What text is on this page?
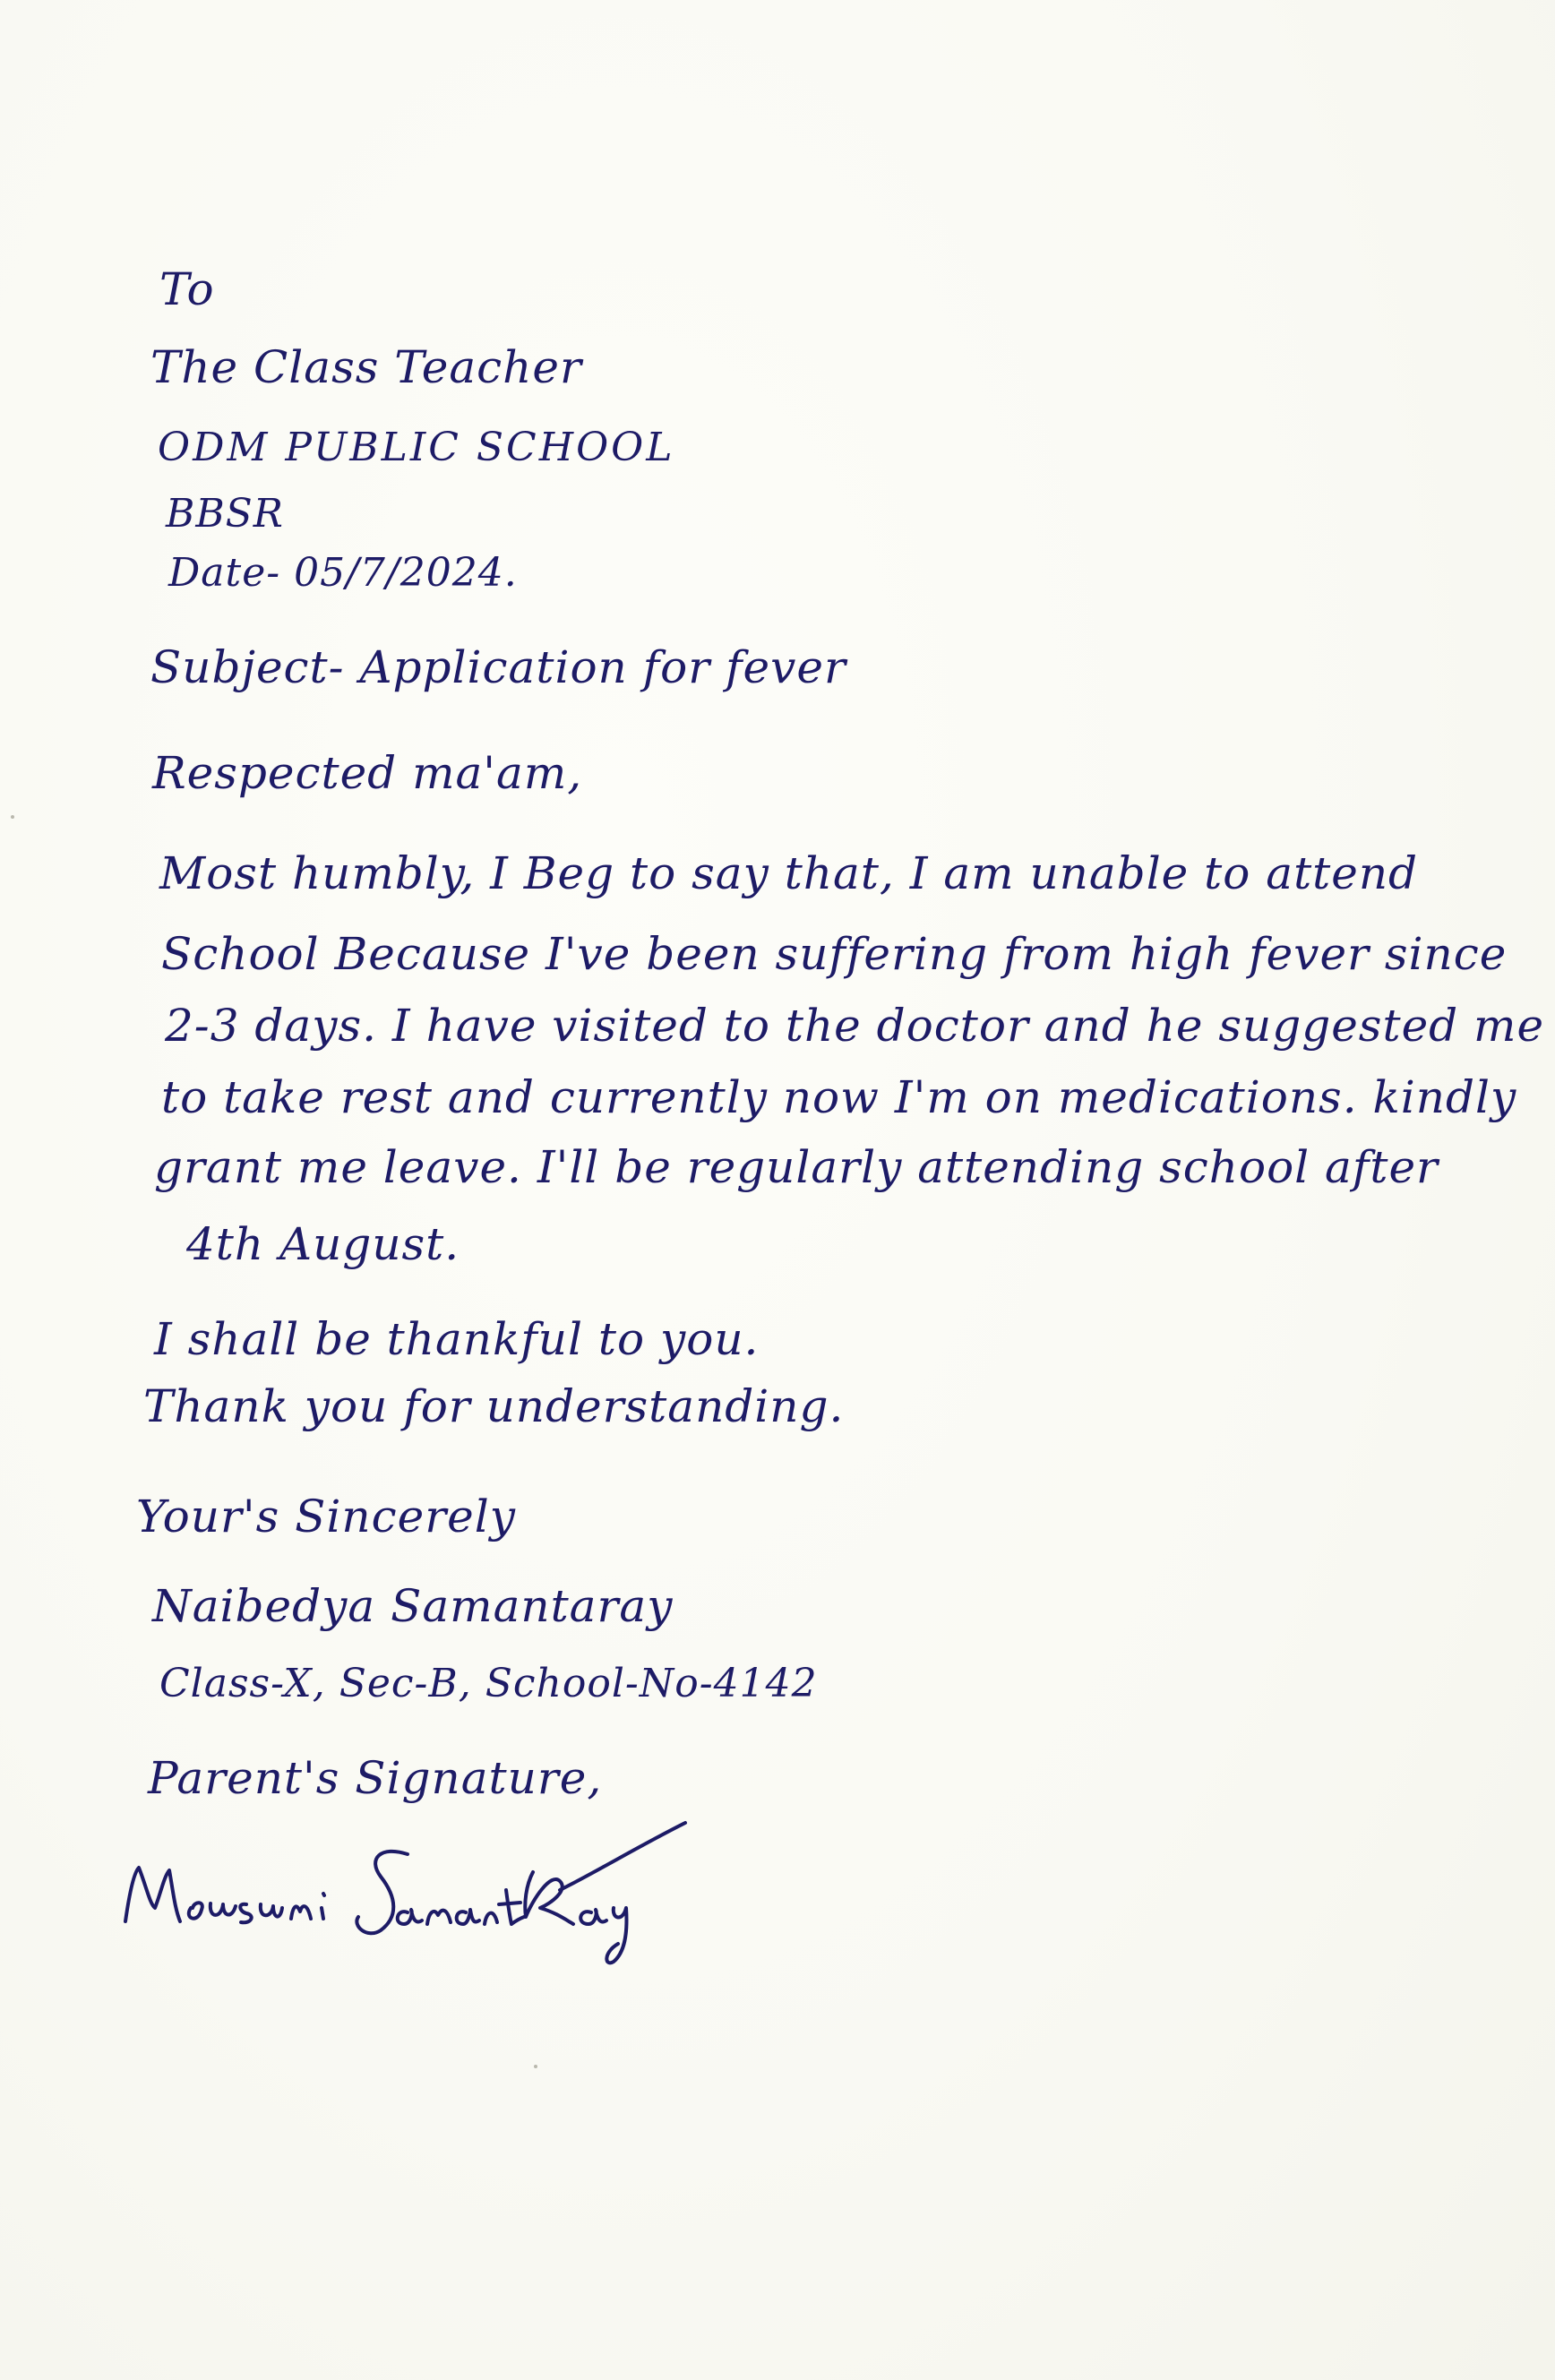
To
The Class Teacher
ODM PUBLIC SCHOOL
BBSR
Date- 05/7/2024.
Subject- Application for fever
Respected ma'am,
Most humbly, I Beg to say that, I am unable to attend
School Because I've been suffering from high fever since
2-3 days. I have visited to the doctor and he suggested me
to take rest and currently now I'm on medications. kindly
grant me leave. I'll be regularly attending school after
4th August.
I shall be thankful to you.
Thank you for understanding.
Your's Sincerely
Naibedya Samantaray
Class-X, Sec-B, School-No-4142
Parent's Signature,
